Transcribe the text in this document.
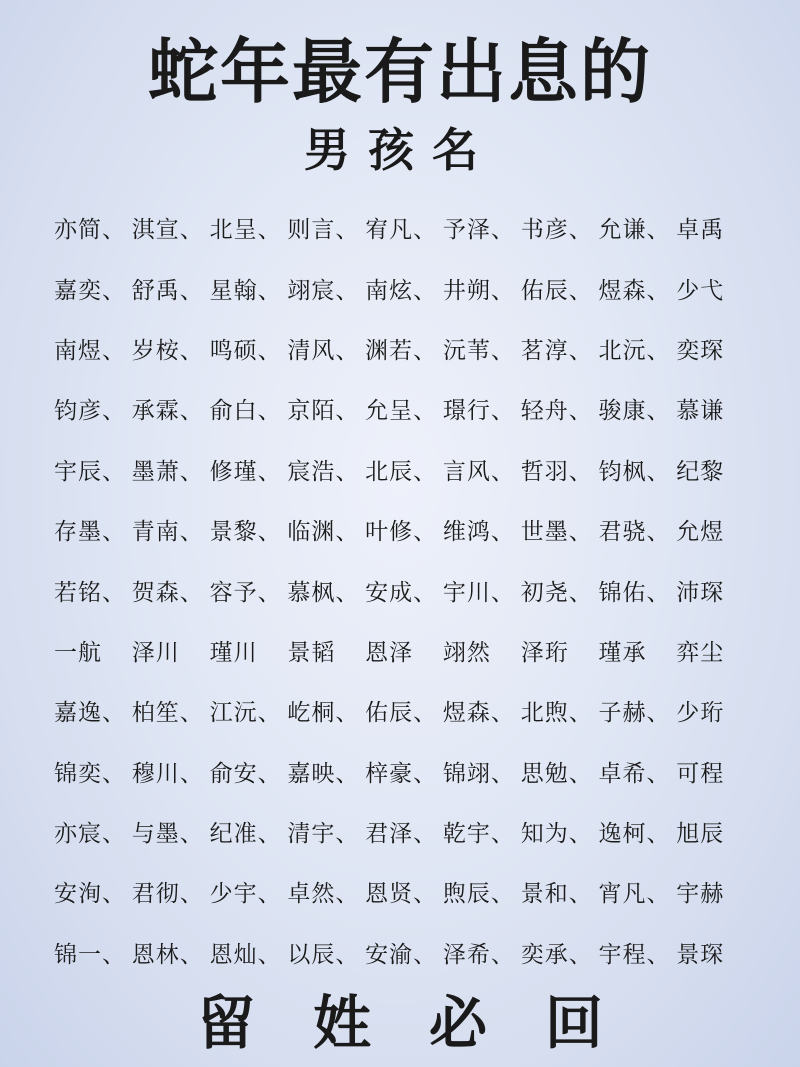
蛇年最有出息的
男孩名
亦简、 淇宣、 北呈、 则言、 宥凡、 予泽、 书彦、 允谦、 卓禹
嘉奕、 舒禹、 星翰、 翊宸、 南炫、 井朔、 佑辰、 煜森、 少弋
南煜、 岁桉、 鸣硕、 清风、 渊若、 沅苇、 茗淳、 北沅、 奕琛
钧彦、 承霖、 俞白、 京陌、 允呈、 璟行、 轻舟、 骏康、 慕谦
宇辰、 墨萧、 修瑾、 宸浩、 北辰、 言风、 哲羽、 钧枫、 纪黎
存墨、 青南、 景黎、 临渊、 叶修、 维鸿、 世墨、 君骁、 允煜
若铭、 贺森、 容予、 慕枫、 安成、 宇川、 初尧、 锦佑、 沛琛
一航	泽川	瑾川	景韬	恩泽	翊然	泽珩	瑾承	弈尘
嘉逸、 柏笙、 江沅、 屹桐、 佑辰、 煜森、 北煦、 子赫、 少珩
锦奕、 穆川、 俞安、 嘉映、 梓豪、 锦翊、 思勉、 卓希、 可程
亦宸、 与墨、 纪准、 清宇、 君泽、 乾宇、 知为、 逸柯、 旭辰
安洵、 君彻、 少宇、 卓然、 恩贤、 煦辰、 景和、 宵凡、 宇赫
锦一、 恩林、 恩灿、 以辰、 安渝、 泽希、 奕承、 宇程、 景琛
留姓必回
